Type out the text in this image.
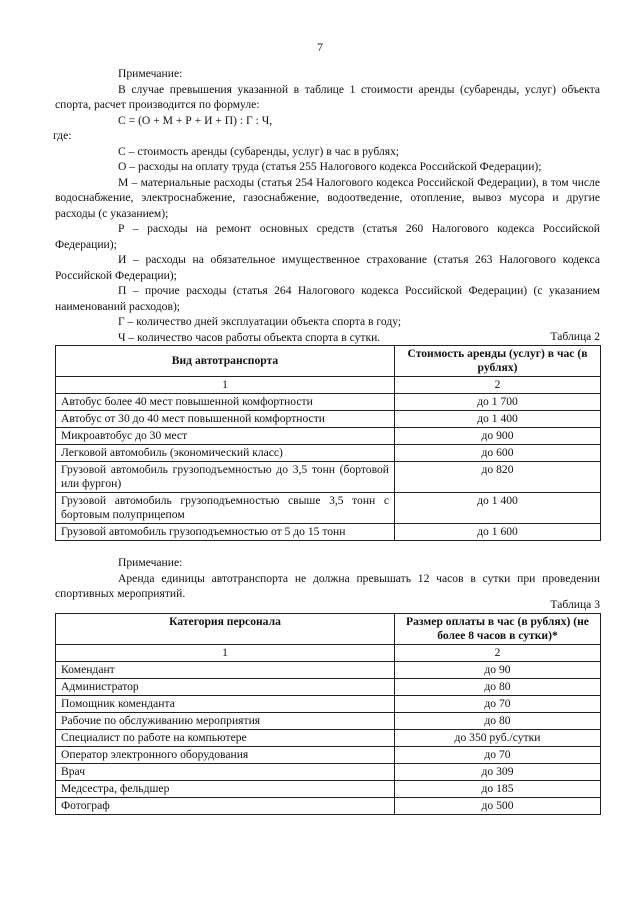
7
Примечание:
В случае превышения указанной в таблице 1 стоимости аренды (субаренды, услуг) объекта спорта, расчет производится по формуле:
С = (О + М + Р + И + П) : Г : Ч,
где:
С – стоимость аренды (субаренды, услуг) в час в рублях;
О – расходы на оплату труда (статья 255 Налогового кодекса Российской Федерации);
М – материальные расходы (статья 254 Налогового кодекса Российской Федерации), в том числе водоснабжение, электроснабжение, газоснабжение, водоотведение, отопление, вывоз мусора и другие расходы (с указанием);
Р – расходы на ремонт основных средств (статья 260 Налогового кодекса Российской Федерации);
И – расходы на обязательное имущественное страхование (статья 263 Налогового кодекса Российской Федерации);
П – прочие расходы (статья 264 Налогового кодекса Российской Федерации) (с указанием наименований расходов);
Г – количество дней эксплуатации объекта спорта в году;
Ч – количество часов работы объекта спорта в сутки.	Таблица 2
Вид автотранспорта	Стоимость аренды (услуг) в час (в рублях)
1	2
Автобус более 40 мест повышенной комфортности	до 1 700
Автобус от 30 до 40 мест повышенной комфортности	до 1 400
Микроавтобус до 30 мест	до 900
Легковой автомобиль (экономический класс)	до 600
Грузовой автомобиль грузоподъемностью до 3,5 тонн (бортовой или фургон)	до 820
Грузовой автомобиль грузоподъемностью свыше 3,5 тонн с бортовым полуприцепом	до 1 400
Грузовой автомобиль грузоподъемностью от 5 до 15 тонн	до 1 600
Примечание:
Аренда единицы автотранспорта не должна превышать 12 часов в сутки при проведении спортивных мероприятий.
Таблица 3
Категория персонала	Размер оплаты в час (в рублях) (не более 8 часов в сутки)*
1	2
Комендант	до 90
Администратор	до 80
Помощник коменданта	до 70
Рабочие по обслуживанию мероприятия	до 80
Специалист по работе на компьютере	до 350 руб./сутки
Оператор электронного оборудования	до 70
Врач	до 309
Медсестра, фельдшер	до 185
Фотограф	до 500
